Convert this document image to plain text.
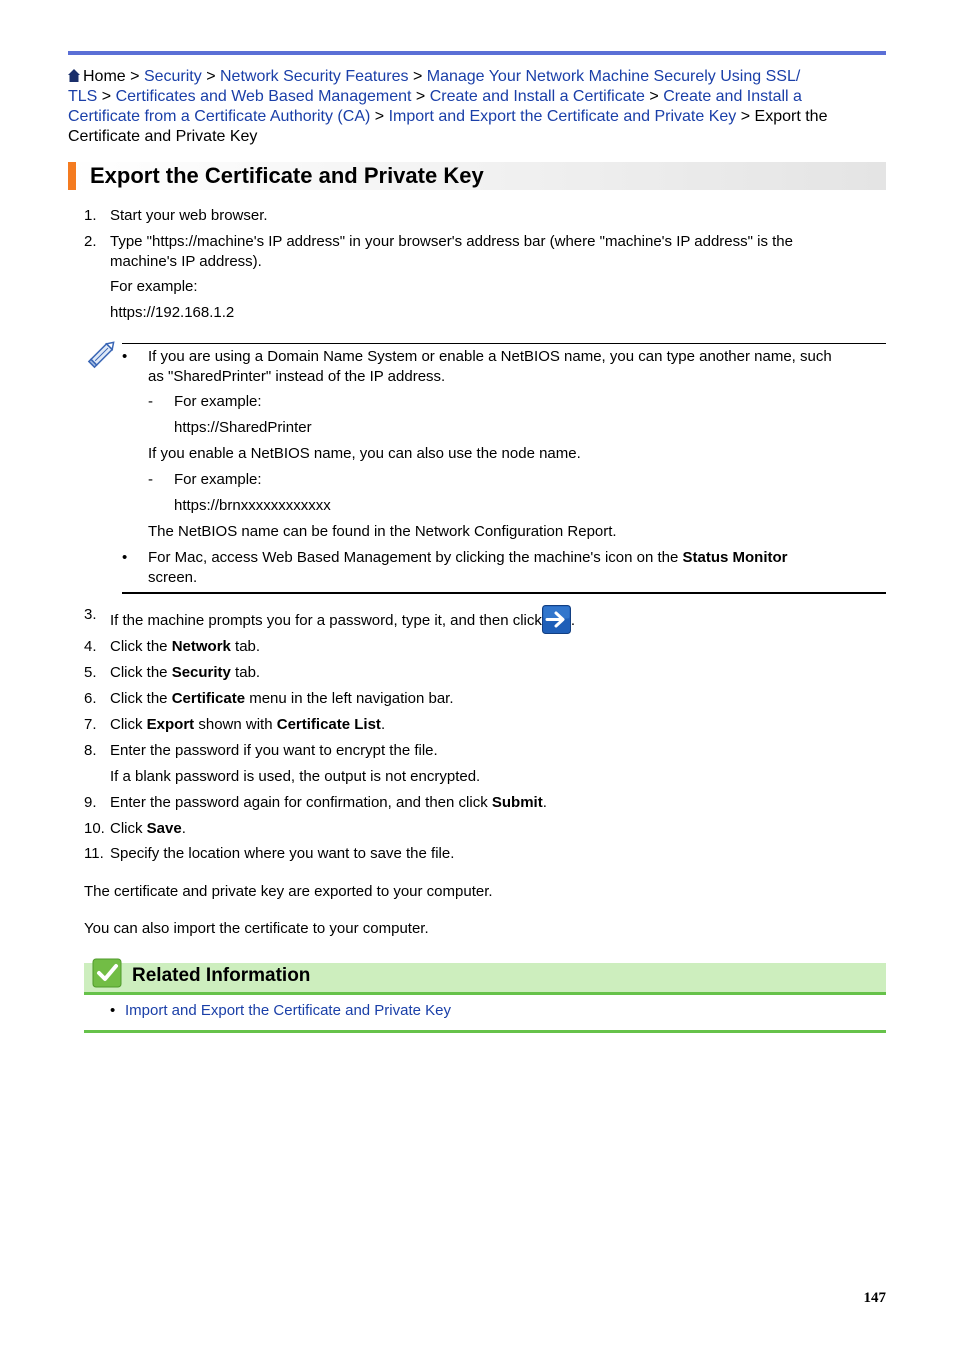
Home > Security > Network Security Features > Manage Your Network Machine Securely Using SSL/
TLS > Certificates and Web Based Management > Create and Install a Certificate > Create and Install a
Certificate from a Certificate Authority (CA) > Import and Export the Certificate and Private Key > Export the
Certificate and Private Key
Export the Certificate and Private Key
1. Start your web browser.
2. Type "https://machine's IP address" in your browser's address bar (where "machine's IP address" is the
machine's IP address).
For example:
https://192.168.1.2
• If you are using a Domain Name System or enable a NetBIOS name, you can type another name, such
as "SharedPrinter" instead of the IP address.
- For example:
https://SharedPrinter
If you enable a NetBIOS name, you can also use the node name.
- For example:
https://brnxxxxxxxxxxxx
The NetBIOS name can be found in the Network Configuration Report.
• For Mac, access Web Based Management by clicking the machine's icon on the Status Monitor
screen.
3. If the machine prompts you for a password, type it, and then click .
4. Click the Network tab.
5. Click the Security tab.
6. Click the Certificate menu in the left navigation bar.
7. Click Export shown with Certificate List.
8. Enter the password if you want to encrypt the file.
If a blank password is used, the output is not encrypted.
9. Enter the password again for confirmation, and then click Submit.
10. Click Save.
11. Specify the location where you want to save the file.
The certificate and private key are exported to your computer.
You can also import the certificate to your computer.
Related Information
• Import and Export the Certificate and Private Key
147
